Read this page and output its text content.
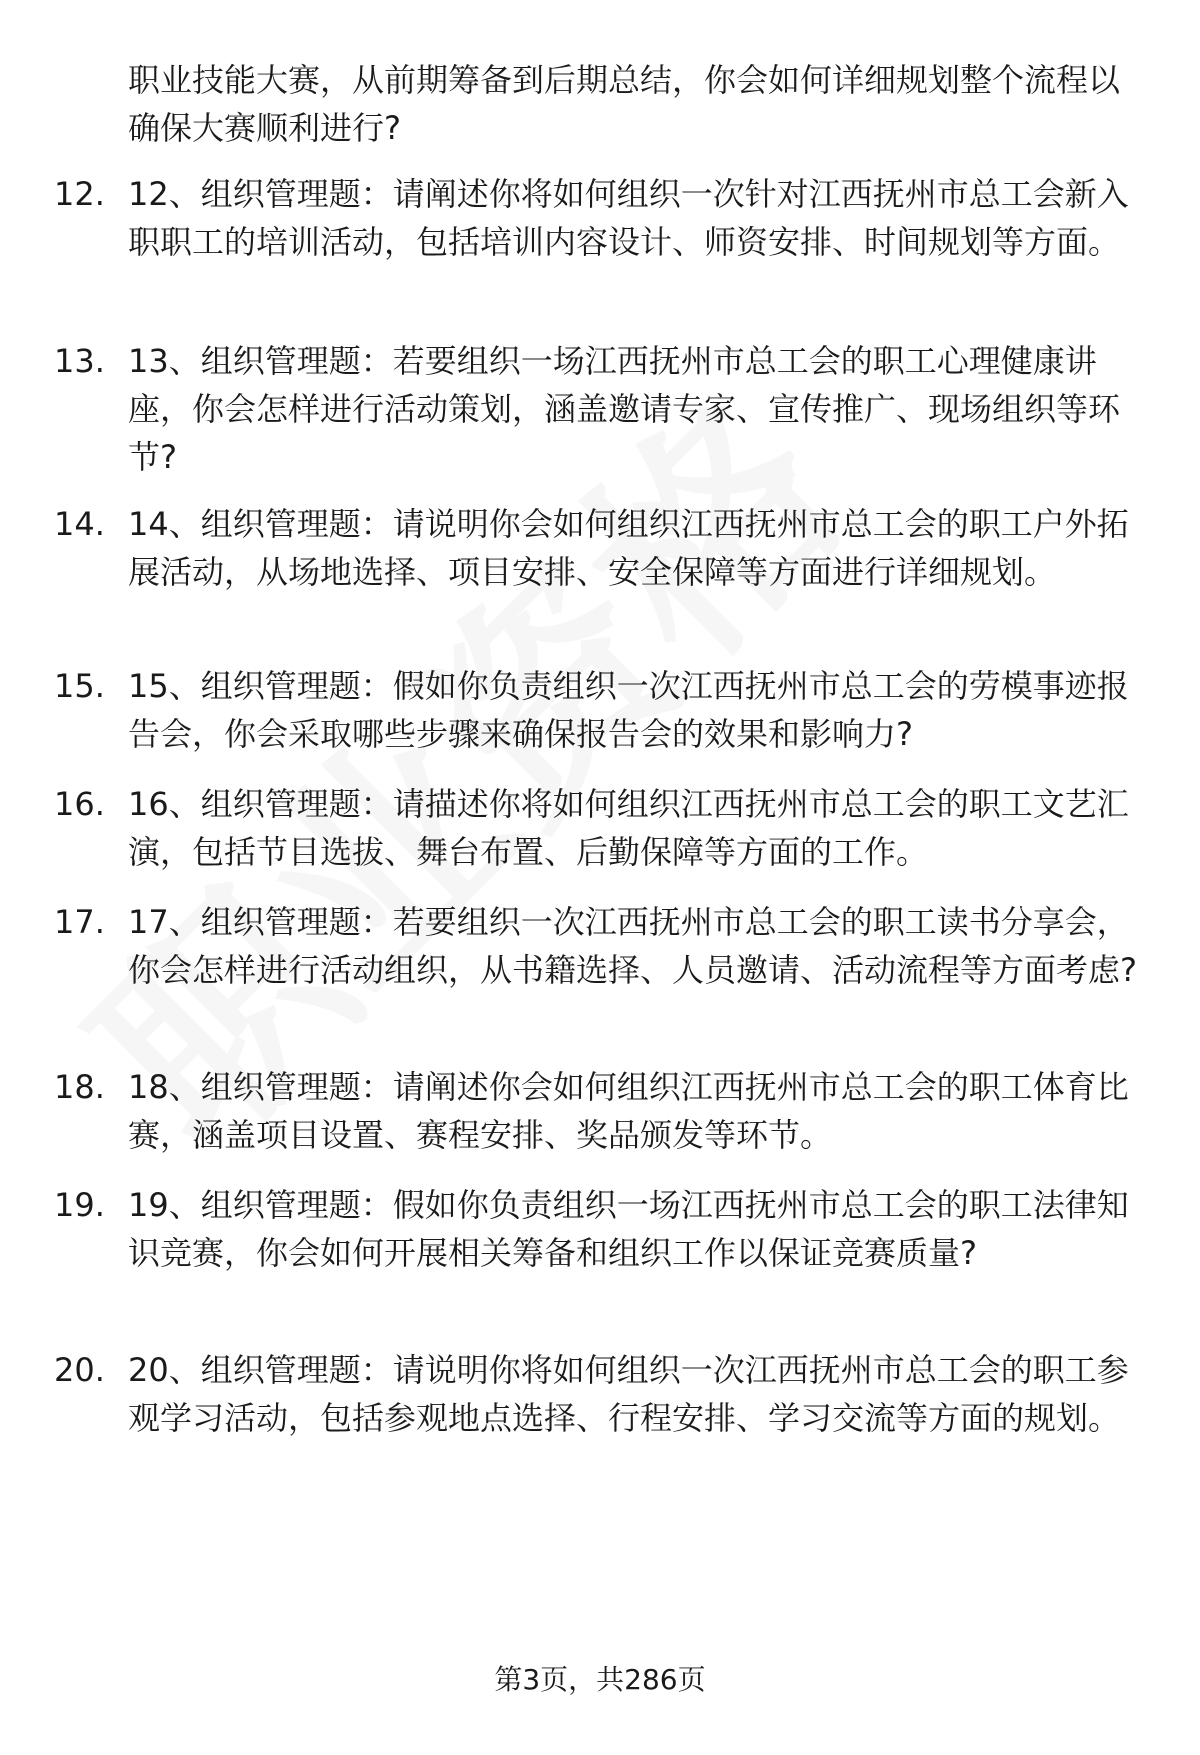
职业技能大赛，从前期筹备到后期总结，你会如何详细规划整个流程以确保大赛顺利进行?
12. 12、组织管理题：请阐述你将如何组织一次针对江西抚州市总工会新入职职工的培训活动，包括培训内容设计、师资安排、时间规划等方面。
13. 13、组织管理题：若要组织一场江西抚州市总工会的职工心理健康讲座，你会怎样进行活动策划，涵盖邀请专家、宣传推广、现场组织等环节?
14. 14、组织管理题：请说明你会如何组织江西抚州市总工会的职工户外拓展活动，从场地选择、项目安排、安全保障等方面进行详细规划。
15. 15、组织管理题：假如你负责组织一次江西抚州市总工会的劳模事迹报告会，你会采取哪些步骤来确保报告会的效果和影响力?
16. 16、组织管理题：请描述你将如何组织江西抚州市总工会的职工文艺汇演，包括节目选拔、舞台布置、后勤保障等方面的工作。
17. 17、组织管理题：若要组织一次江西抚州市总工会的职工读书分享会，你会怎样进行活动组织，从书籍选择、人员邀请、活动流程等方面考虑?
18. 18、组织管理题：请阐述你会如何组织江西抚州市总工会的职工体育比赛，涵盖项目设置、赛程安排、奖品颁发等环节。
19. 19、组织管理题：假如你负责组织一场江西抚州市总工会的职工法律知识竞赛，你会如何开展相关筹备和组织工作以保证竞赛质量?
20. 20、组织管理题：请说明你将如何组织一次江西抚州市总工会的职工参观学习活动，包括参观地点选择、行程安排、学习交流等方面的规划。
第3页，共286页
